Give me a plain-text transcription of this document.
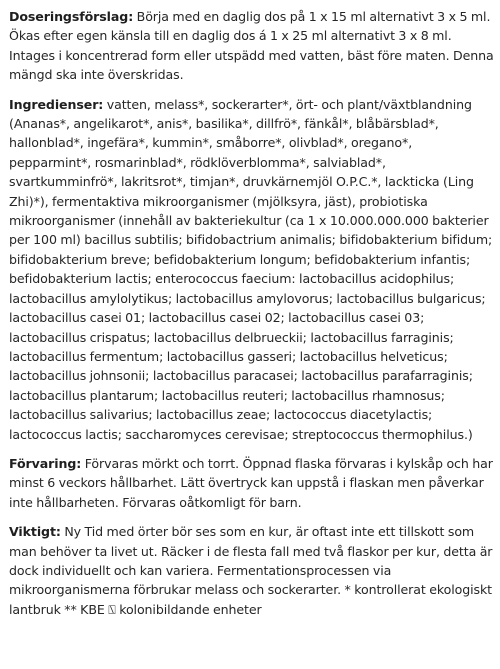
Doseringsförslag: Börja med en daglig dos på 1 x 15 ml alternativt 3 x 5 ml. Ökas efter egen känsla till en daglig dos á 1 x 25 ml alternativt 3 x 8 ml. Intages i koncentrerad form eller utspädd med vatten, bäst före maten. Denna mängd ska inte överskridas.

Ingredienser: vatten, melass*, sockerarter*, ört- och plant/växtblandning (Ananas*, angelikarot*, anis*, basilika*, dillfrö*, fänkål*, blåbärsblad*, hallonblad*, ingefära*, kummin*, småborre*, olivblad*, oregano*, pepparmint*, rosmarinblad*, rödklöverblomma*, salviablad*, svartkumminfrö*, lakritsrot*, timjan*, druvkärnemjöl O.P.C.*, lackticka (Ling Zhi)*), fermentaktiva mikroorganismer (mjölksyra, jäst), probiotiska mikroorganismer (innehåll av bakteriekultur (ca 1 x 10.000.000.000 bakterier per 100 ml) bacillus subtilis; bifidobactrium animalis; bifidobakterium bifidum; bifidobakterium breve; befidobakterium longum; befidobakterium infantis; befidobakterium lactis; enterococcus faecium: lactobacillus acidophilus; lactobacillus amylolytikus; lactobacillus amylovorus; lactobacillus bulgaricus; lactobacillus casei 01; lactobacillus casei 02; lactobacillus casei 03; lactobacillus crispatus; lactobacillus delbrueckii; lactobacillus farraginis; lactobacillus fermentum; lactobacillus gasseri; lactobacillus helveticus; lactobacillus johnsonii; lactobacillus paracasei; lactobacillus parafarraginis; lactobacillus plantarum; lactobacillus reuteri; lactobacillus rhamnosus; lactobacillus salivarius; lactobacillus zeae; lactococcus diacetylactis; lactococcus lactis; saccharomyces cerevisae; streptococcus thermophilus.)

Förvaring: Förvaras mörkt och torrt. Öppnad flaska förvaras i kylskåp och har minst 6 veckors hållbarhet. Lätt övertryck kan uppstå i flaskan men påverkar inte hållbarheten. Förvaras oåtkomligt för barn.

Viktigt: Ny Tid med örter bör ses som en kur, är oftast inte ett tillskott som man behöver ta livet ut. Räcker i de flesta fall med två flaskor per kur, detta är dock individuellt och kan variera. Fermentationsprocessen via mikroorganismerna förbrukar melass och sockerarter. * kontrollerat ekologiskt lantbruk ** KBE ⍂ kolonibildande enheter
